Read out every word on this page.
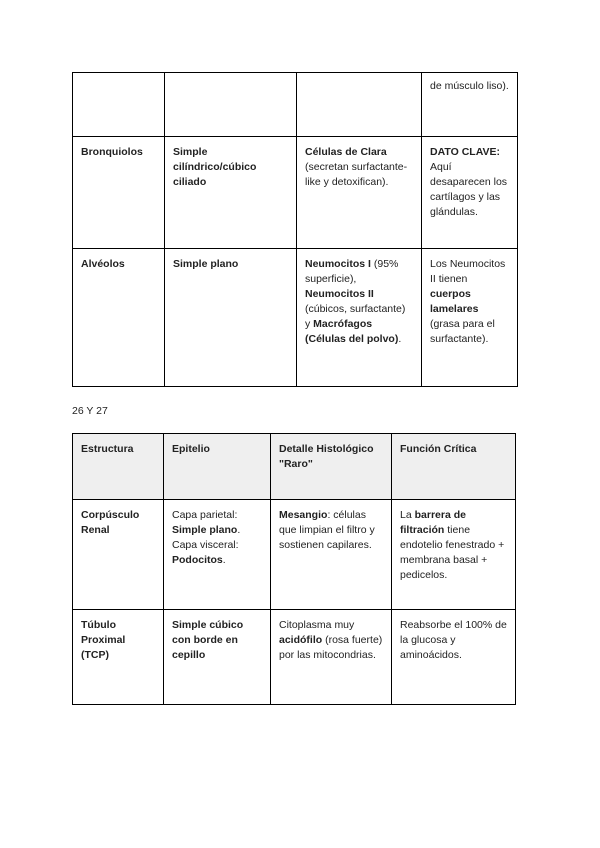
			de músculo liso).
Bronquiolos	Simple cilíndrico/cúbico ciliado	Células de Clara (secretan surfactante-like y detoxifican).	DATO CLAVE: Aquí desaparecen los cartílagos y las glándulas.
Alvéolos	Simple plano	Neumocitos I (95% superficie), Neumocitos II (cúbicos, surfactante) y Macrófagos (Células del polvo).	Los Neumocitos II tienen cuerpos lamelares (grasa para el surfactante).
26 Y 27
Estructura	Epitelio	Detalle Histológico "Raro"	Función Crítica
Corpúsculo Renal	Capa parietal: Simple plano. Capa visceral: Podocitos.	Mesangio: células que limpian el filtro y sostienen capilares.	La barrera de filtración tiene endotelio fenestrado + membrana basal + pedicelos.
Túbulo Proximal (TCP)	Simple cúbico con borde en cepillo	Citoplasma muy acidófilo (rosa fuerte) por las mitocondrias.	Reabsorbe el 100% de la glucosa y aminoácidos.
